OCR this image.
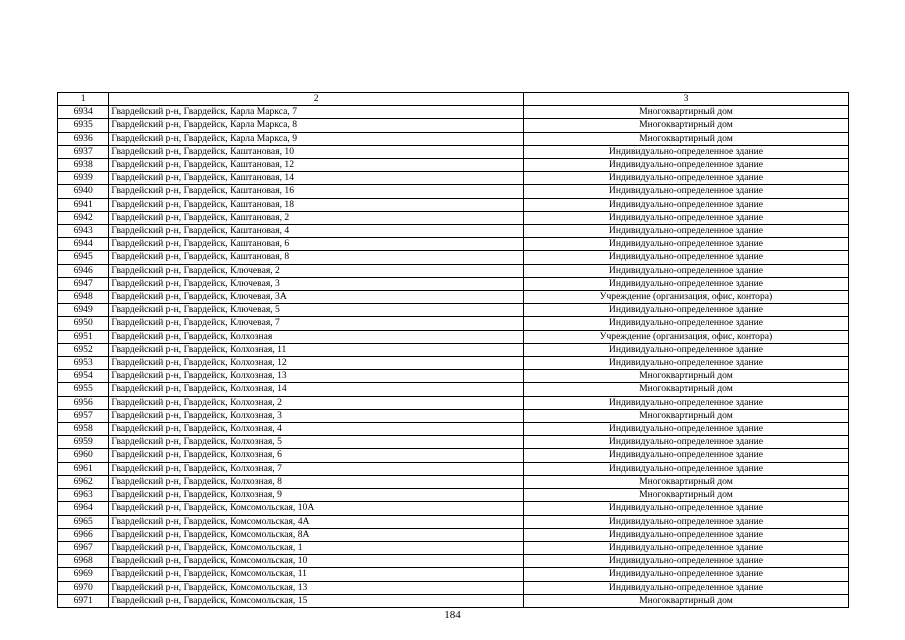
1	2	3
6934	Гвардейский р-н, Гвардейск, Карла Маркса, 7	Многоквартирный дом
6935	Гвардейский р-н, Гвардейск, Карла Маркса, 8	Многоквартирный дом
6936	Гвардейский р-н, Гвардейск, Карла Маркса, 9	Многоквартирный дом
6937	Гвардейский р-н, Гвардейск, Каштановая, 10	Индивидуально-определенное здание
6938	Гвардейский р-н, Гвардейск, Каштановая, 12	Индивидуально-определенное здание
6939	Гвардейский р-н, Гвардейск, Каштановая, 14	Индивидуально-определенное здание
6940	Гвардейский р-н, Гвардейск, Каштановая, 16	Индивидуально-определенное здание
6941	Гвардейский р-н, Гвардейск, Каштановая, 18	Индивидуально-определенное здание
6942	Гвардейский р-н, Гвардейск, Каштановая, 2	Индивидуально-определенное здание
6943	Гвардейский р-н, Гвардейск, Каштановая, 4	Индивидуально-определенное здание
6944	Гвардейский р-н, Гвардейск, Каштановая, 6	Индивидуально-определенное здание
6945	Гвардейский р-н, Гвардейск, Каштановая, 8	Индивидуально-определенное здание
6946	Гвардейский р-н, Гвардейск, Ключевая, 2	Индивидуально-определенное здание
6947	Гвардейский р-н, Гвардейск, Ключевая, 3	Индивидуально-определенное здание
6948	Гвардейский р-н, Гвардейск, Ключевая, 3А	Учреждение (организация, офис, контора)
6949	Гвардейский р-н, Гвардейск, Ключевая, 5	Индивидуально-определенное здание
6950	Гвардейский р-н, Гвардейск, Ключевая, 7	Индивидуально-определенное здание
6951	Гвардейский р-н, Гвардейск, Колхозная	Учреждение (организация, офис, контора)
6952	Гвардейский р-н, Гвардейск, Колхозная, 11	Индивидуально-определенное здание
6953	Гвардейский р-н, Гвардейск, Колхозная, 12	Индивидуально-определенное здание
6954	Гвардейский р-н, Гвардейск, Колхозная, 13	Многоквартирный дом
6955	Гвардейский р-н, Гвардейск, Колхозная, 14	Многоквартирный дом
6956	Гвардейский р-н, Гвардейск, Колхозная, 2	Индивидуально-определенное здание
6957	Гвардейский р-н, Гвардейск, Колхозная, 3	Многоквартирный дом
6958	Гвардейский р-н, Гвардейск, Колхозная, 4	Индивидуально-определенное здание
6959	Гвардейский р-н, Гвардейск, Колхозная, 5	Индивидуально-определенное здание
6960	Гвардейский р-н, Гвардейск, Колхозная, 6	Индивидуально-определенное здание
6961	Гвардейский р-н, Гвардейск, Колхозная, 7	Индивидуально-определенное здание
6962	Гвардейский р-н, Гвардейск, Колхозная, 8	Многоквартирный дом
6963	Гвардейский р-н, Гвардейск, Колхозная, 9	Многоквартирный дом
6964	Гвардейский р-н, Гвардейск, Комсомольская, 10А	Индивидуально-определенное здание
6965	Гвардейский р-н, Гвардейск, Комсомольская, 4А	Индивидуально-определенное здание
6966	Гвардейский р-н, Гвардейск, Комсомольская, 8А	Индивидуально-определенное здание
6967	Гвардейский р-н, Гвардейск, Комсомольская, 1	Индивидуально-определенное здание
6968	Гвардейский р-н, Гвардейск, Комсомольская, 10	Индивидуально-определенное здание
6969	Гвардейский р-н, Гвардейск, Комсомольская, 11	Индивидуально-определенное здание
6970	Гвардейский р-н, Гвардейск, Комсомольская, 13	Индивидуально-определенное здание
6971	Гвардейский р-н, Гвардейск, Комсомольская, 15	Многоквартирный дом
184
